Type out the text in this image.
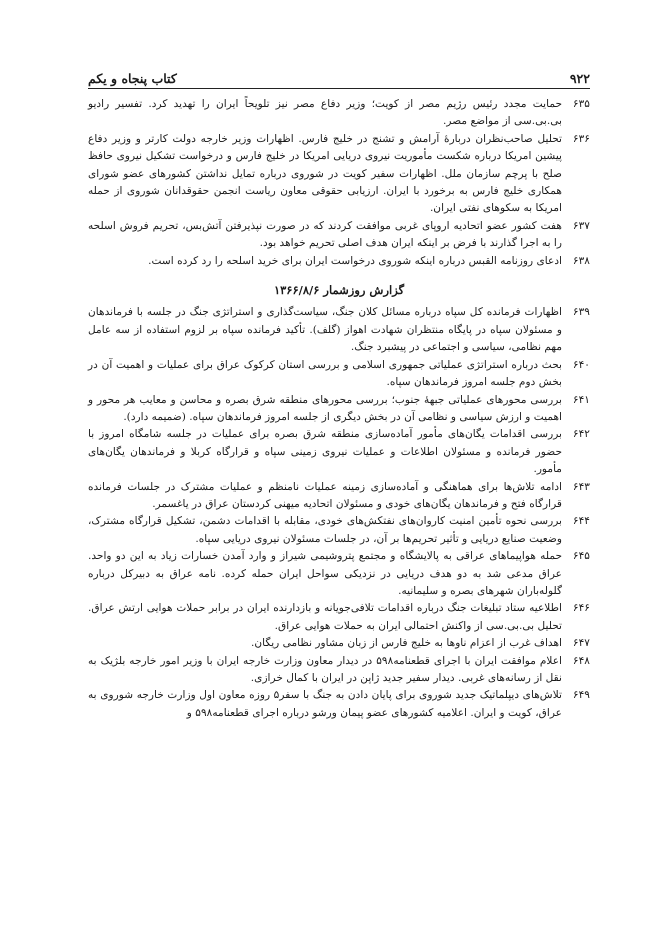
۹۲۲
کتاب پنجاه و یکم
۶۳۵
حمایت مجدد رئیس رژیم مصر از کویت؛ وزیر دفاع مصر نیز تلویحاً ایران را تهدید کرد. تفسیر رادیو بی.بی.سی از مواضع مصر.
۶۳۶
تحلیل صاحب‌نظران دربارهٔ آرامش و تشنج در خلیج فارس. اظهارات وزیر خارجه دولت کارتر و وزیر دفاع پیشین امریکا درباره شکست مأموریت نیروی دریایی امریکا در خلیج فارس و درخواست تشکیل نیروی حافظ صلح با پرچم سازمان ملل. اظهارات سفیر کویت در شوروی درباره تمایل نداشتن کشورهای عضو شورای همکاری خلیج فارس به برخورد با ایران. ارزیابی حقوقی معاون ریاست انجمن حقوقدانان شوروی از حمله امریکا به سکوهای نفتی ایران.
۶۳۷
هفت کشور عضو اتحادیه اروپای غربی موافقت کردند که در صورت نپذیرفتن آتش‌بس، تحریم فروش اسلحه را به اجرا گذارند با فرض بر اینکه ایران هدف اصلی تحریم خواهد بود.
۶۳۸
ادعای روزنامه القبس درباره اینکه شوروی درخواست ایران برای خرید اسلحه را رد کرده است.
گزارش روزشمار ۱۳۶۶/۸/۶
۶۳۹
اظهارات فرمانده کل سپاه درباره مسائل کلان جنگ، سیاست‌گذاری و استراتژی جنگ در جلسه با فرماندهان و مسئولان سپاه در پایگاه منتظران شهادت اهواز (گلف). تأکید فرمانده سپاه بر لزوم استفاده از سه عامل مهم نظامی، سیاسی و اجتماعی در پیشبرد جنگ.
۶۴۰
بحث درباره استراتژی عملیاتی جمهوری اسلامی و بررسی استان کرکوک عراق برای عملیات و اهمیت آن در بخش دوم جلسه امروز فرماندهان سپاه.
۶۴۱
بررسی محورهای عملیاتی جبههٔ جنوب؛ بررسی محورهای منطقه شرق بصره و محاسن و معایب هر محور و اهمیت و ارزش سیاسی و نظامی آن در بخش دیگری از جلسه امروز فرماندهان سپاه. (ضمیمه دارد).
۶۴۲
بررسی اقدامات یگان‌های مأمور آماده‌سازی منطقه شرق بصره برای عملیات در جلسه شامگاه امروز با حضور فرمانده و مسئولان اطلاعات و عملیات نیروی زمینی سپاه و قرارگاه کربلا و فرماندهان یگان‌های مأمور.
۶۴۳
ادامه تلاش‌ها برای هماهنگی و آماده‌سازی زمینه عملیات نامنظم و عملیات مشترک در جلسات فرمانده قرارگاه فتح و فرماندهان یگان‌های خودی و مسئولان اتحادیه میهنی کردستان عراق در یاغسمر.
۶۴۴
بررسی نحوه تأمین امنیت کاروان‌های نفتکش‌های خودی، مقابله با اقدامات دشمن، تشکیل قرارگاه مشترک، وضعیت صنایع دریایی و تأثیر تحریم‌ها بر آن، در جلسات مسئولان نیروی دریایی سپاه.
۶۴۵
حمله هواپیماهای عراقی به پالایشگاه و مجتمع پتروشیمی شیراز و وارد آمدن خسارات زیاد به این دو واحد. عراق مدعی شد به دو هدف دریایی در نزدیکی سواحل ایران حمله کرده. نامه عراق به دبیرکل درباره گلوله‌باران شهرهای بصره و سلیمانیه.
۶۴۶
اطلاعیه ستاد تبلیغات جنگ درباره اقدامات تلافی‌جویانه و بازدارنده ایران در برابر حملات هوایی ارتش عراق. تحلیل بی.بی.سی از واکنش احتمالی ایران به حملات هوایی عراق.
۶۴۷
اهداف غرب از اعزام ناوها به خلیج فارس از زبان مشاور نظامی ریگان.
۶۴۸
اعلام موافقت ایران با اجرای قطعنامه۵۹۸ در دیدار معاون وزارت خارجه ایران با وزیر امور خارجه بلژیک به نقل از رسانه‌های غربی. دیدار سفیر جدید ژاپن در ایران با کمال خرازی.
۶۴۹
تلاش‌های دیپلماتیک جدید شوروی برای پایان دادن به جنگ با سفر۵ روزه معاون اول وزارت خارجه شوروی به عراق، کویت و ایران. اعلامیه کشورهای عضو پیمان ورشو درباره اجرای قطعنامه۵۹۸ و
